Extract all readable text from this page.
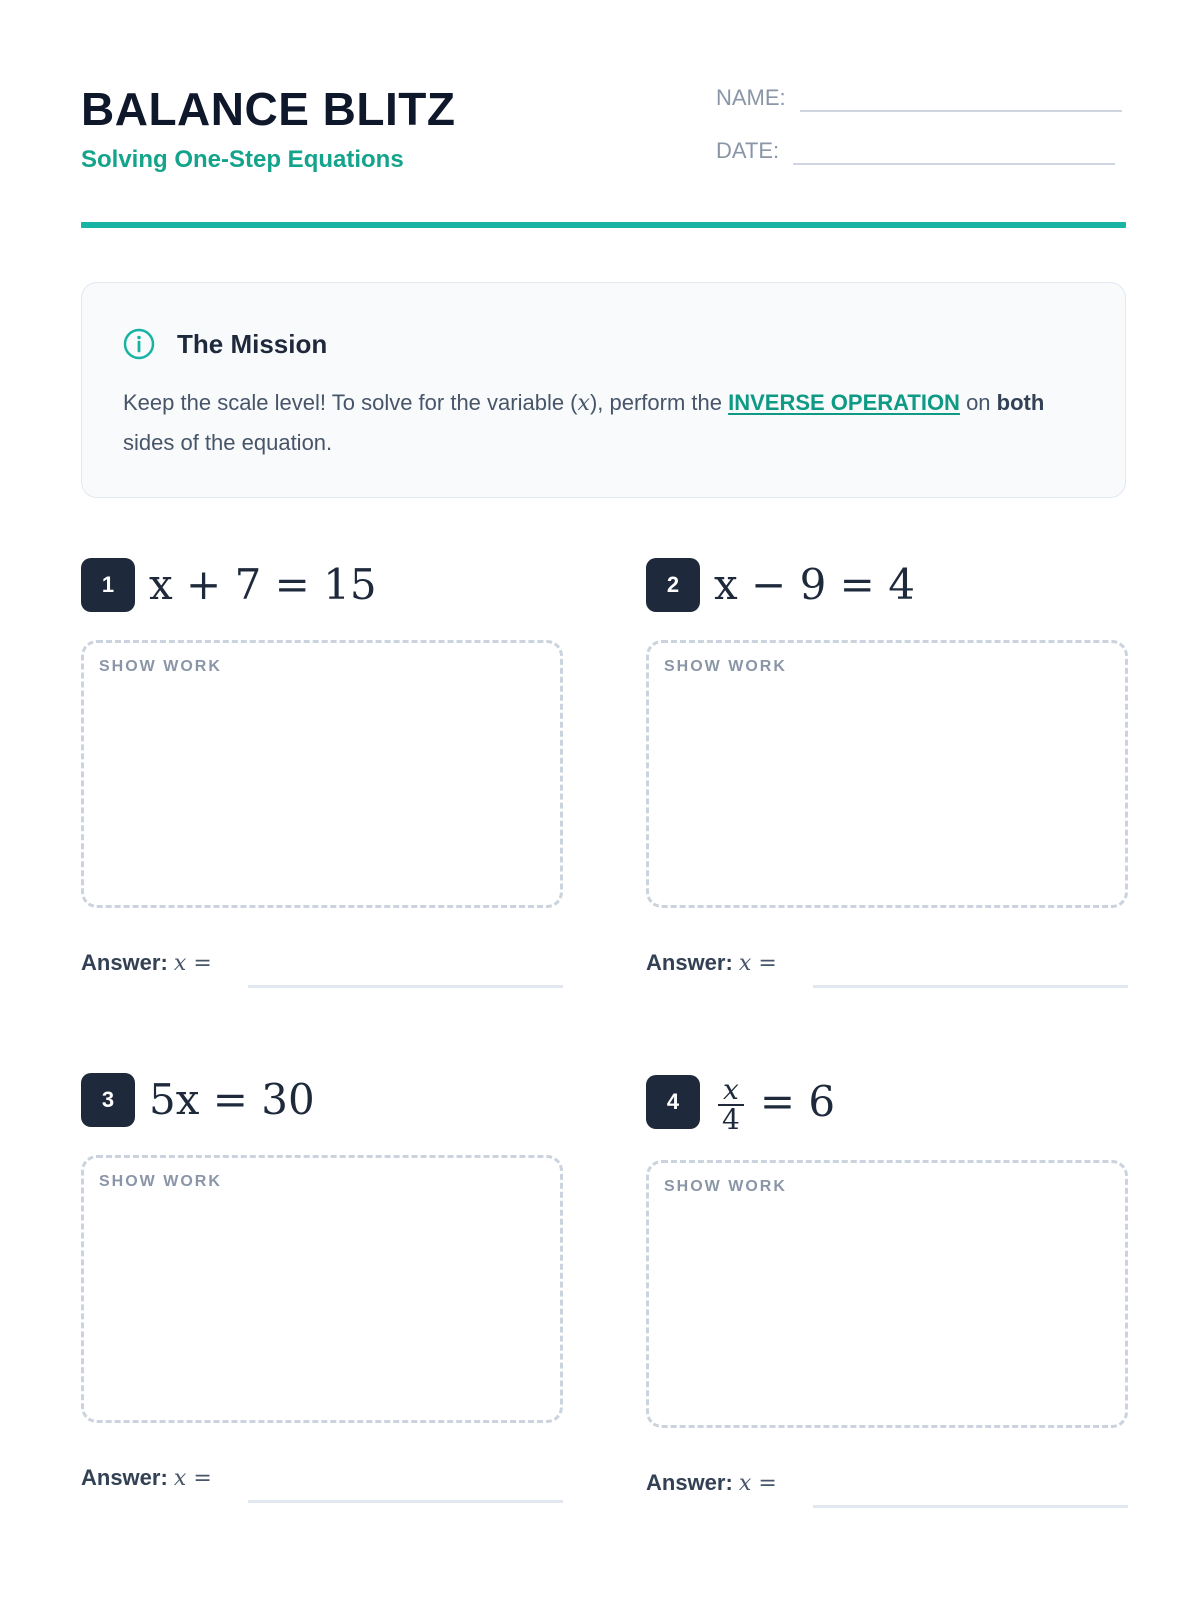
BALANCE BLITZ
Solving One-Step Equations
NAME:
DATE:
The Mission
Keep the scale level! To solve for the variable (x), perform the INVERSE OPERATION on both sides of the equation.
1 x + 7 = 15
SHOW WORK
Answer: x =
2 x − 9 = 4
SHOW WORK
Answer: x =
3 5x = 30
SHOW WORK
Answer: x =
4	$\frac{x}{4} = 6$
SHOW WORK
Answer: x =
